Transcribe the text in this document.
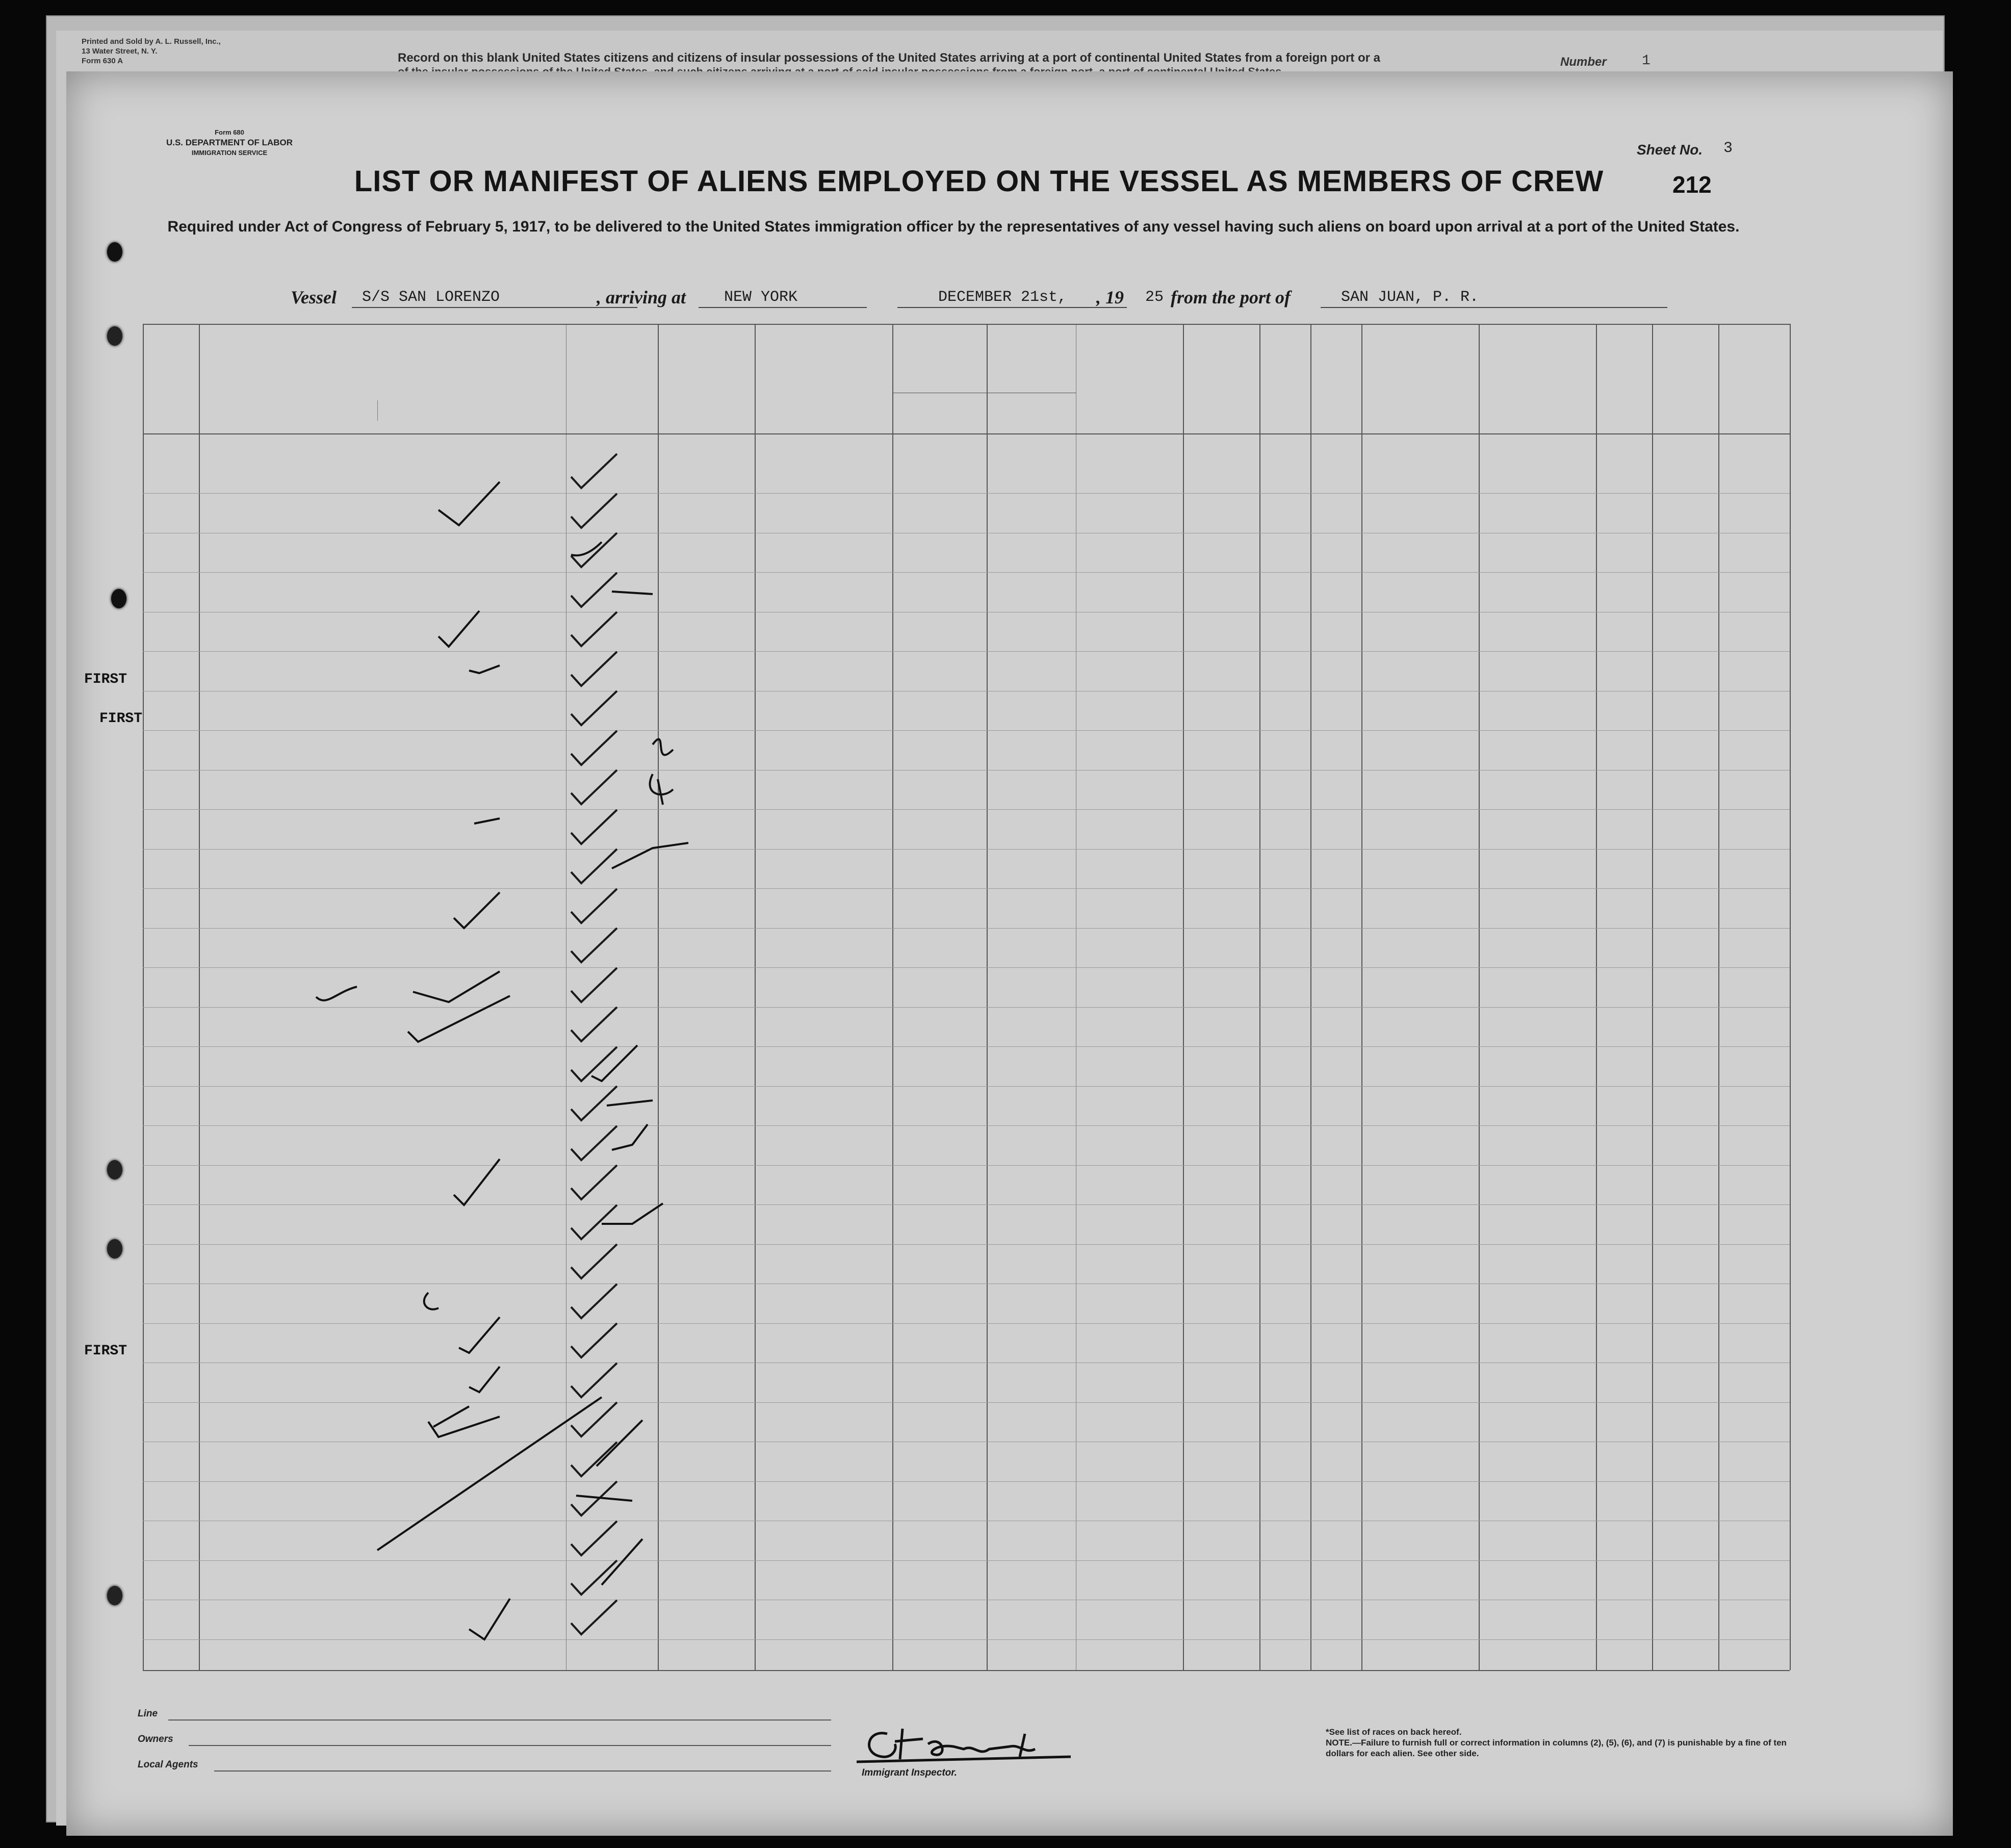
Printed and Sold by A. L. Russell, Inc.,
13 Water Street, N. Y.
Form 630 A	Record on this blank United States citizens and citizens of insular possessions of the United States arriving at a port of continental United States from a foreign port or a	Number 1
Form 680
U.S. DEPARTMENT OF LABOR
IMMIGRATION SERVICE	Sheet No. 3
212
LIST OR MANIFEST OF ALIENS EMPLOYED ON THE VESSEL AS MEMBERS OF CREW
Required under Act of Congress of February 5, 1917, to be delivered to the United States immigration officer by the representatives of any vessel having such aliens on board upon arrival at a port of the United States.
Vessel S/S SAN LORENZO	, arriving at NEW YORK	DECEMBER 21st, , 19 25 from the port of	SAN JUAN, P. R.
FIRST
FIRST
FIRST
Line
Owners
Local Agents
Immigrant Inspector.
*See list of races on back hereof.
NOTE.—Failure to furnish full or correct information in columns (2), (5), (6), and (7) is punishable by a fine of ten dollars for each alien. See other side.
